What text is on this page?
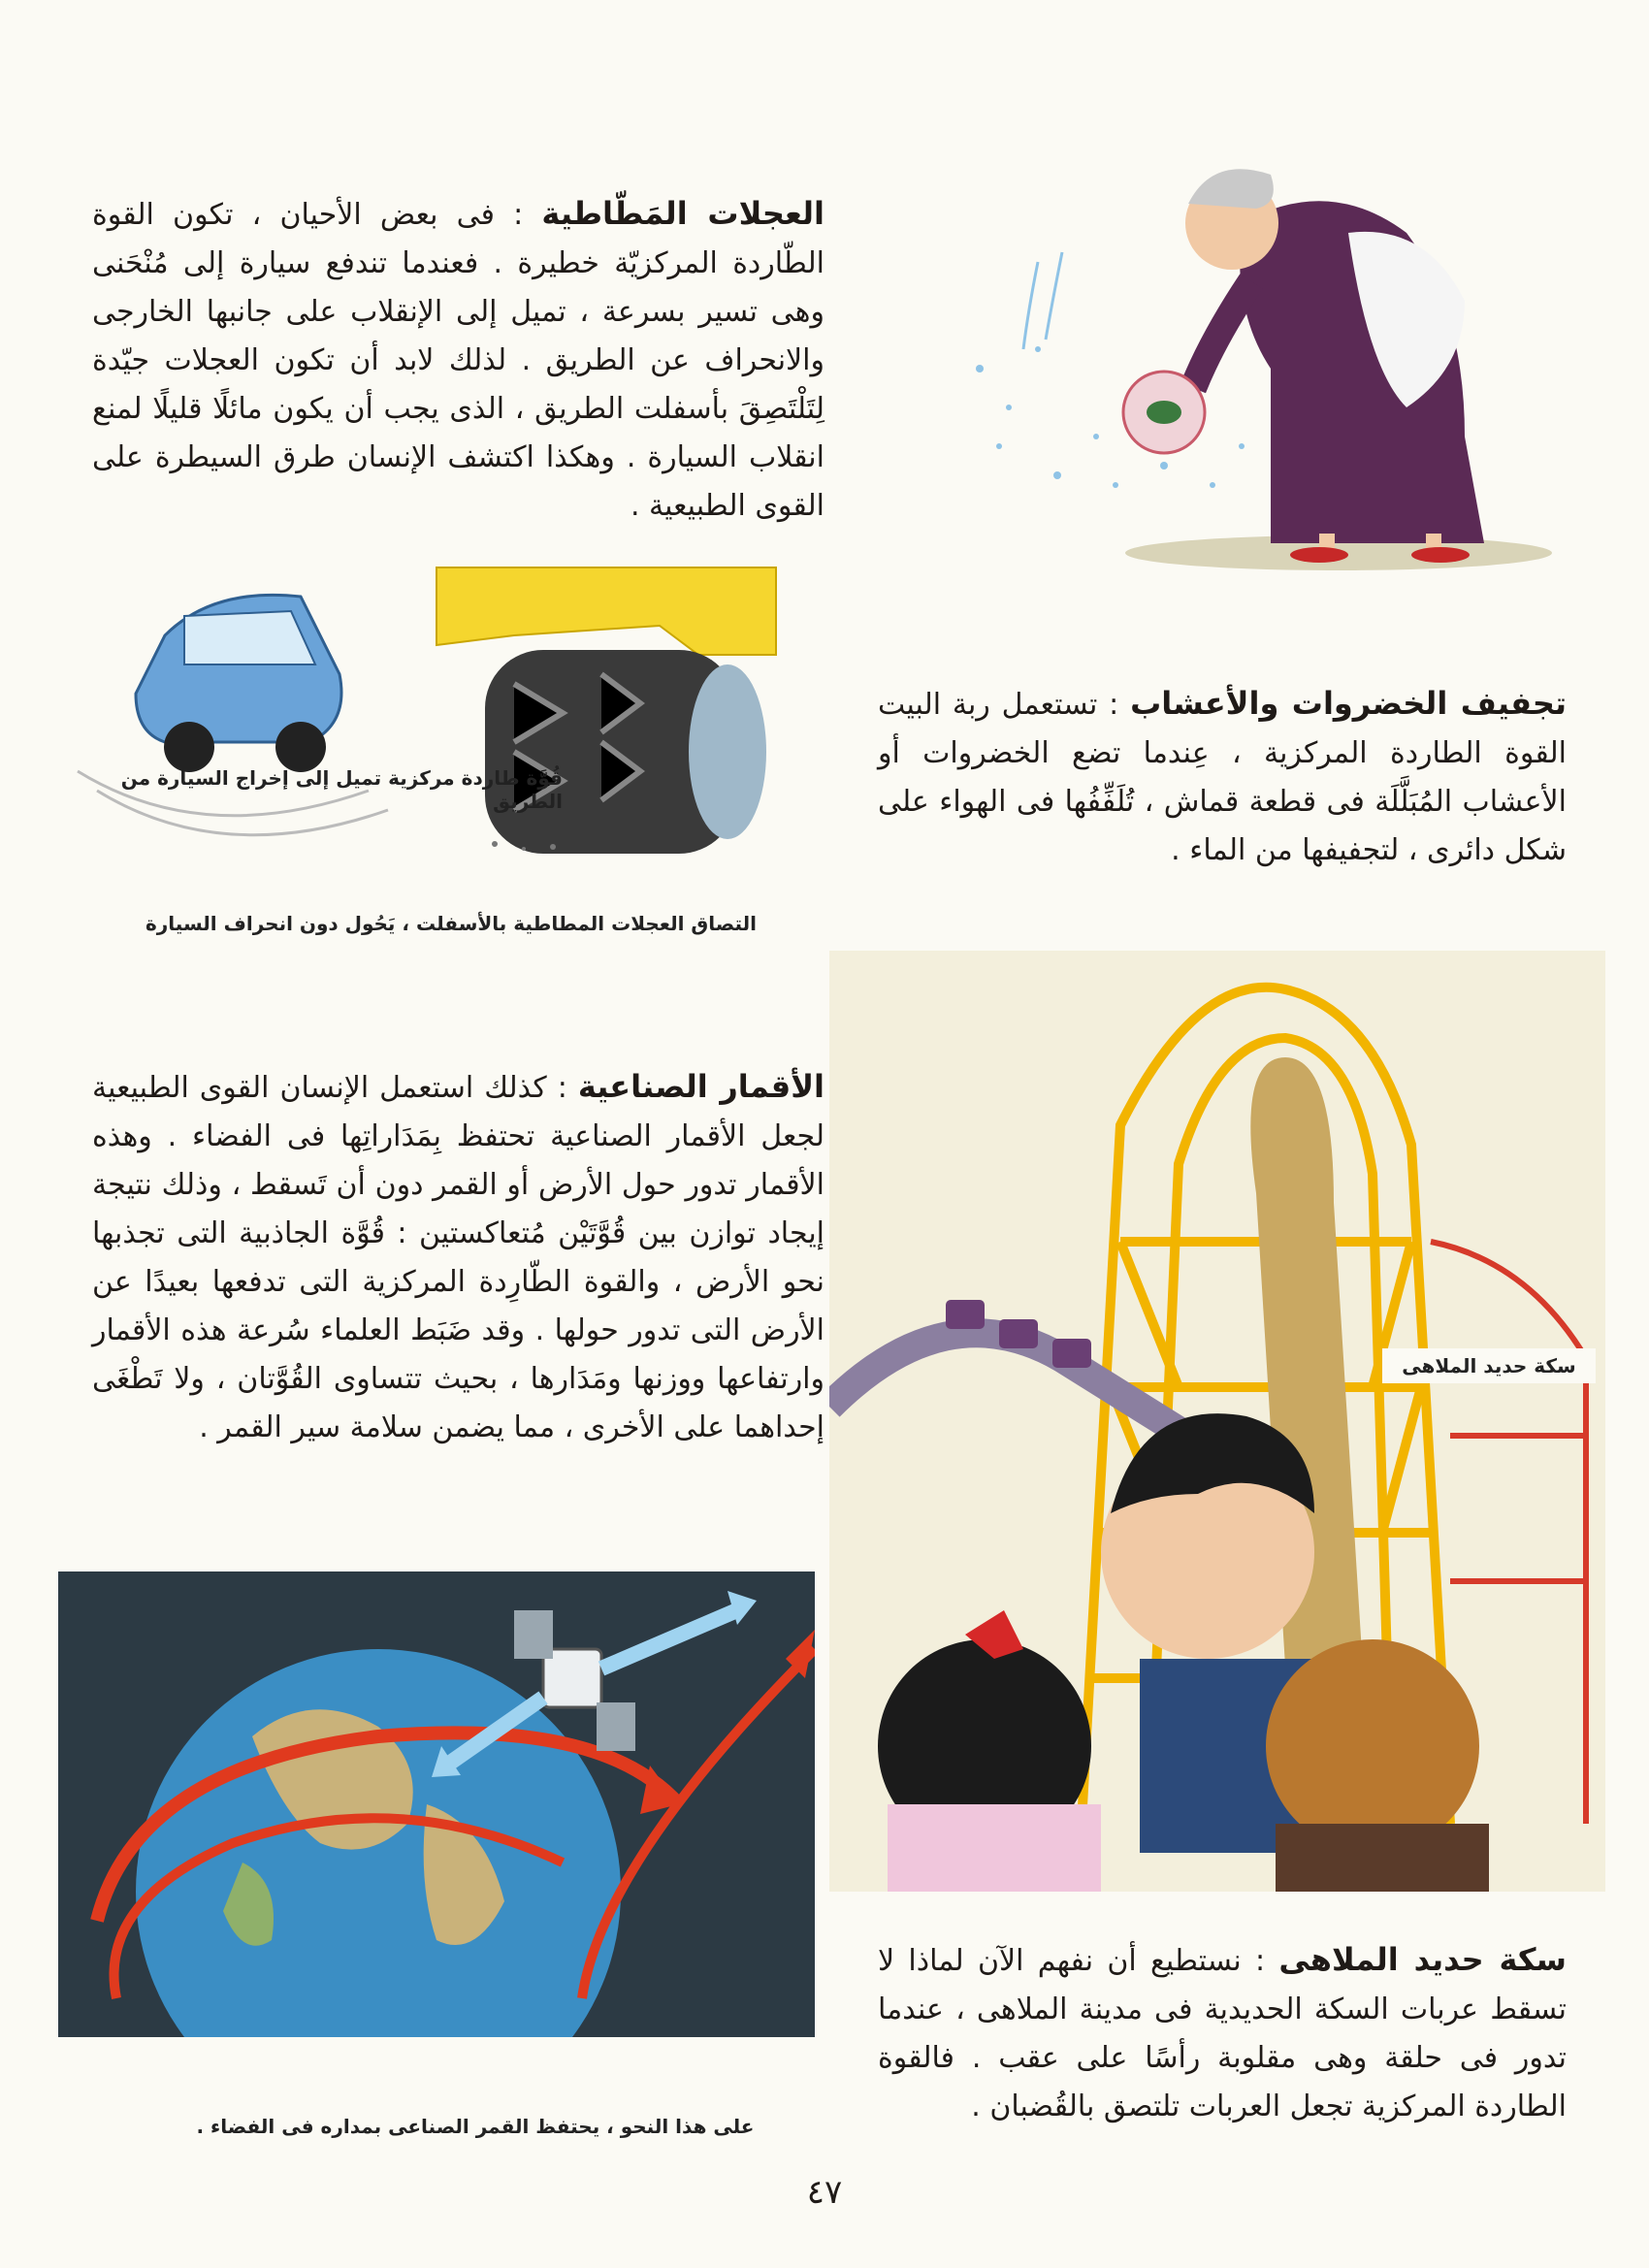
العجلات المَطّاطية : فى بعض الأحيان ، تكون القوة الطّاردة المركزيّة خطيرة . فعندما تندفع سيارة إلى مُنْحَنى وهى تسير بسرعة ، تميل إلى الإنقلاب على جانبها الخارجى والانحراف عن الطريق . لذلك لابد أن تكون العجلات جيّدة لِتَلْتَصِقَ بأسفلت الطريق ، الذى يجب أن يكون مائلًا قليلًا لمنع انقلاب السيارة . وهكذا اكتشف الإنسان طرق السيطرة على القوى الطبيعية .

قُوَّة طاردة مركزية تميل إلى إخراج السيارة من الطريق
التصاق العجلات المطاطية بالأسفلت ، يَحُول دون انحراف السيارة

تجفيف الخضروات والأعشاب : تستعمل ربة البيت القوة الطاردة المركزية ، عِندما تضع الخضروات أو الأعشاب المُبَلَّلَة فى قطعة قماش ، تُلَفِّفُها فى الهواء على شكل دائرى ، لتجفيفها من الماء .

الأقمار الصناعية : كذلك استعمل الإنسان القوى الطبيعية لجعل الأقمار الصناعية تحتفظ بِمَدَاراتِها فى الفضاء . وهذه الأقمار تدور حول الأرض أو القمر دون أن تَسقط ، وذلك نتيجة إيجاد توازن بين قُوَّتَيْن مُتعاكستين : قُوَّة الجاذبية التى تجذبها نحو الأرض ، والقوة الطّارِدة المركزية التى تدفعها بعيدًا عن الأرض التى تدور حولها . وقد ضَبَط العلماء سُرعة هذه الأقمار وارتفاعها ووزنها ومَدَارها ، بحيث تتساوى القُوَّتان ، ولا تَطْغَى إحداهما على الأخرى ، مما يضمن سلامة سير القمر .

سكة حديد الملاهى
على هذا النحو ، يحتفظ القمر الصناعى بمداره فى الفضاء .

سكة حديد الملاهى : نستطيع أن نفهم الآن لماذا لا تسقط عربات السكة الحديدية فى مدينة الملاهى ، عندما تدور فى حلقة وهى مقلوبة رأسًا على عقب . فالقوة الطاردة المركزية تجعل العربات تلتصق بالقُضبان .

٤٧
